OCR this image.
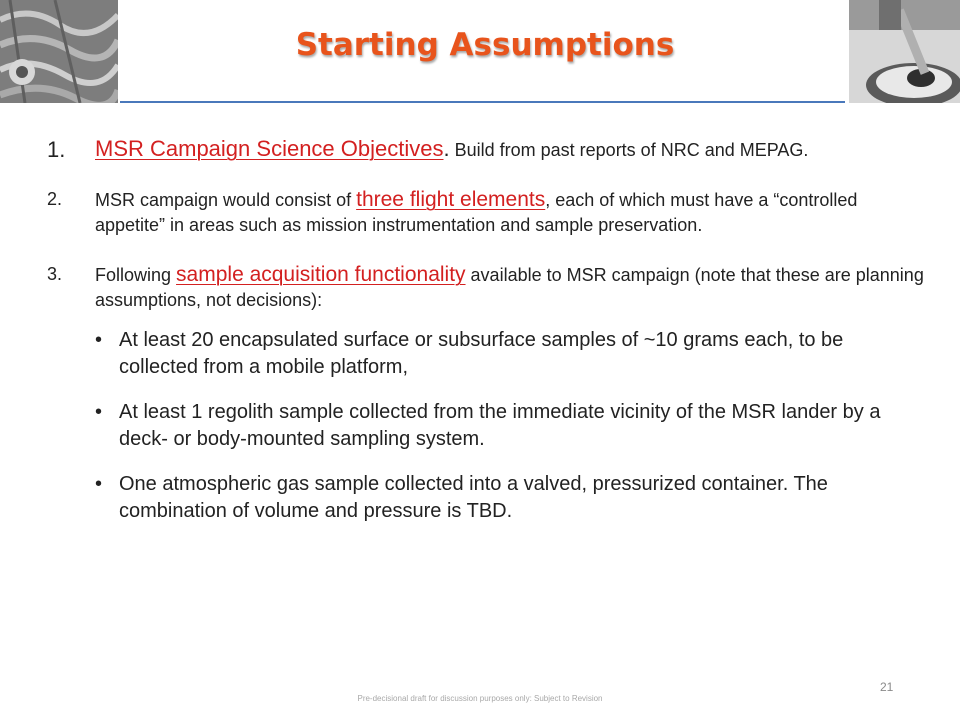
Starting Assumptions
1. MSR Campaign Science Objectives. Build from past reports of NRC and MEPAG.
2. MSR campaign would consist of three flight elements, each of which must have a “controlled appetite” in areas such as mission instrumentation and sample preservation.
3. Following sample acquisition functionality available to MSR campaign (note that these are planning assumptions, not decisions):
• At least 20 encapsulated surface or subsurface samples of ~10 grams each, to be collected from a mobile platform,
• At least 1 regolith sample collected from the immediate vicinity of the MSR lander by a deck- or body-mounted sampling system.
• One atmospheric gas sample collected into a valved, pressurized container. The combination of volume and pressure is TBD.
21
Pre-decisional draft for discussion purposes only: Subject to Revision
